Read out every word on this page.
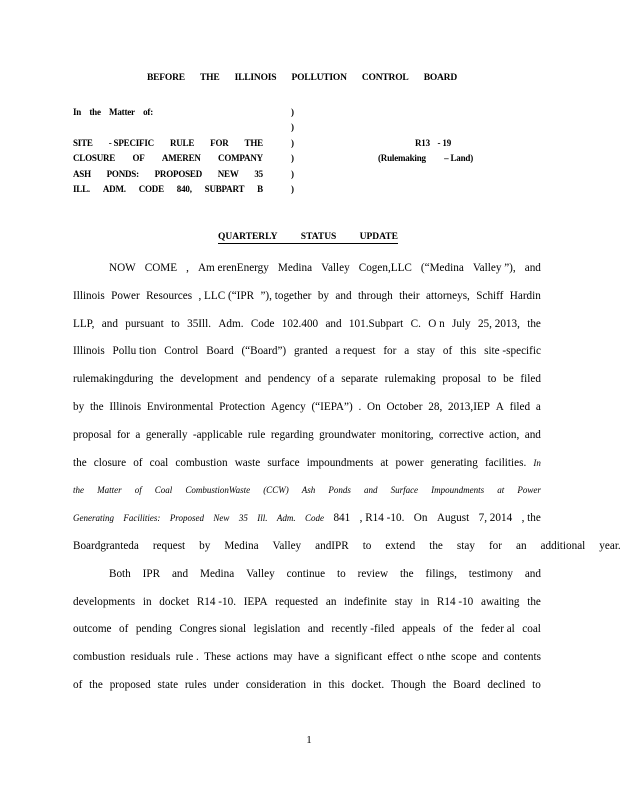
BEFORE THE ILLINOIS POLLUTION CONTROL BOARD
In the Matter of:	)
)
SITE - SPECIFIC RULE FOR THE	)	R13 - 19
CLOSURE OF AMEREN COMPANY	)	(Rulemaking – Land)
ASH PONDS: PROPOSED NEW 35	)
ILL. ADM. CODE 840, SUBPART B	)
QUARTERLY STATUS UPDATE
NOW COME , Am erenEnergy Medina Valley Cogen,LLC (“Medina Valley ”), and
Illinois Power Resources , LLC (“IPR ”), together by and through their attorneys, Schiff Hardin
LLP, and pursuant to 35Ill. Adm. Code 102.400 and 101.Subpart C. O n July 25, 2013, the
Illinois Pollu tion Control Board (“Board”) granted a request for a stay of this site -specific
rulemakingduring the development and pendency of a separate rulemaking proposal to be filed
by the Illinois Environmental Protection Agency (“IEPA”) . On October 28, 2013,IEP A filed a
proposal for a generally -applicable rule regarding groundwater monitoring, corrective action, and
the closure of coal combustion waste surface impoundments at power generating facilities. In
the Matter of Coal CombustionWaste (CCW) Ash Ponds and Surface Impoundments at Power
Generating Facilities: Proposed New 35 Ill. Adm. Code 841 , R14 -10. On August 7, 2014 , the
Boardgranteda request by Medina Valley andIPR to extend the stay for an additional year.
Both IPR and Medina Valley continue to review the filings, testimony and
developments in docket R14 -10. IEPA requested an indefinite stay in R14 -10 awaiting the
outcome of pending Congres sional legislation and recently -filed appeals of the feder al coal
combustion residuals rule . These actions may have a significant effect o nthe scope and contents
of the proposed state rules under consideration in this docket. Though the Board declined to
1
